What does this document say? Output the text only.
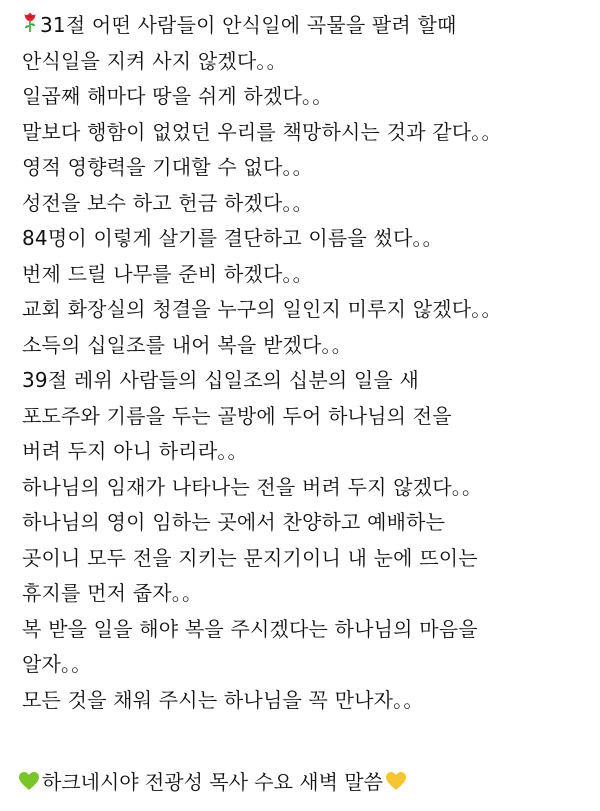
31절 어떤 사람들이 안식일에 곡물을 팔려 할때
안식일을 지켜 사지 않겠다。。
일곱째 해마다 땅을 쉬게 하겠다。。
말보다 행함이 없었던 우리를 책망하시는 것과 같다。。
영적 영향력을 기대할 수 없다。。
성전을 보수 하고 헌금 하겠다。。
84명이 이렇게 살기를 결단하고 이름을 썼다。。
번제 드릴 나무를 준비 하겠다。。
교회 화장실의 청결을 누구의 일인지 미루지 않겠다。。
소득의 십일조를 내어 복을 받겠다。。
39절 레위 사람들의 십일조의 십분의 일을 새
포도주와 기름을 두는 골방에 두어 하나님의 전을
버려 두지 아니 하리라。。
하나님의 임재가 나타나는 전을 버려 두지 않겠다。。
하나님의 영이 임하는 곳에서 찬양하고 예배하는
곳이니 모두 전을 지키는 문지기이니 내 눈에 뜨이는
휴지를 먼저 줍자。。
복 받을 일을 해야 복을 주시겠다는 하나님의 마음을
알자。。
모든 것을 채워 주시는 하나님을 꼭 만나자。。
하크네시야 전광성 목사 수요 새벽 말씀
